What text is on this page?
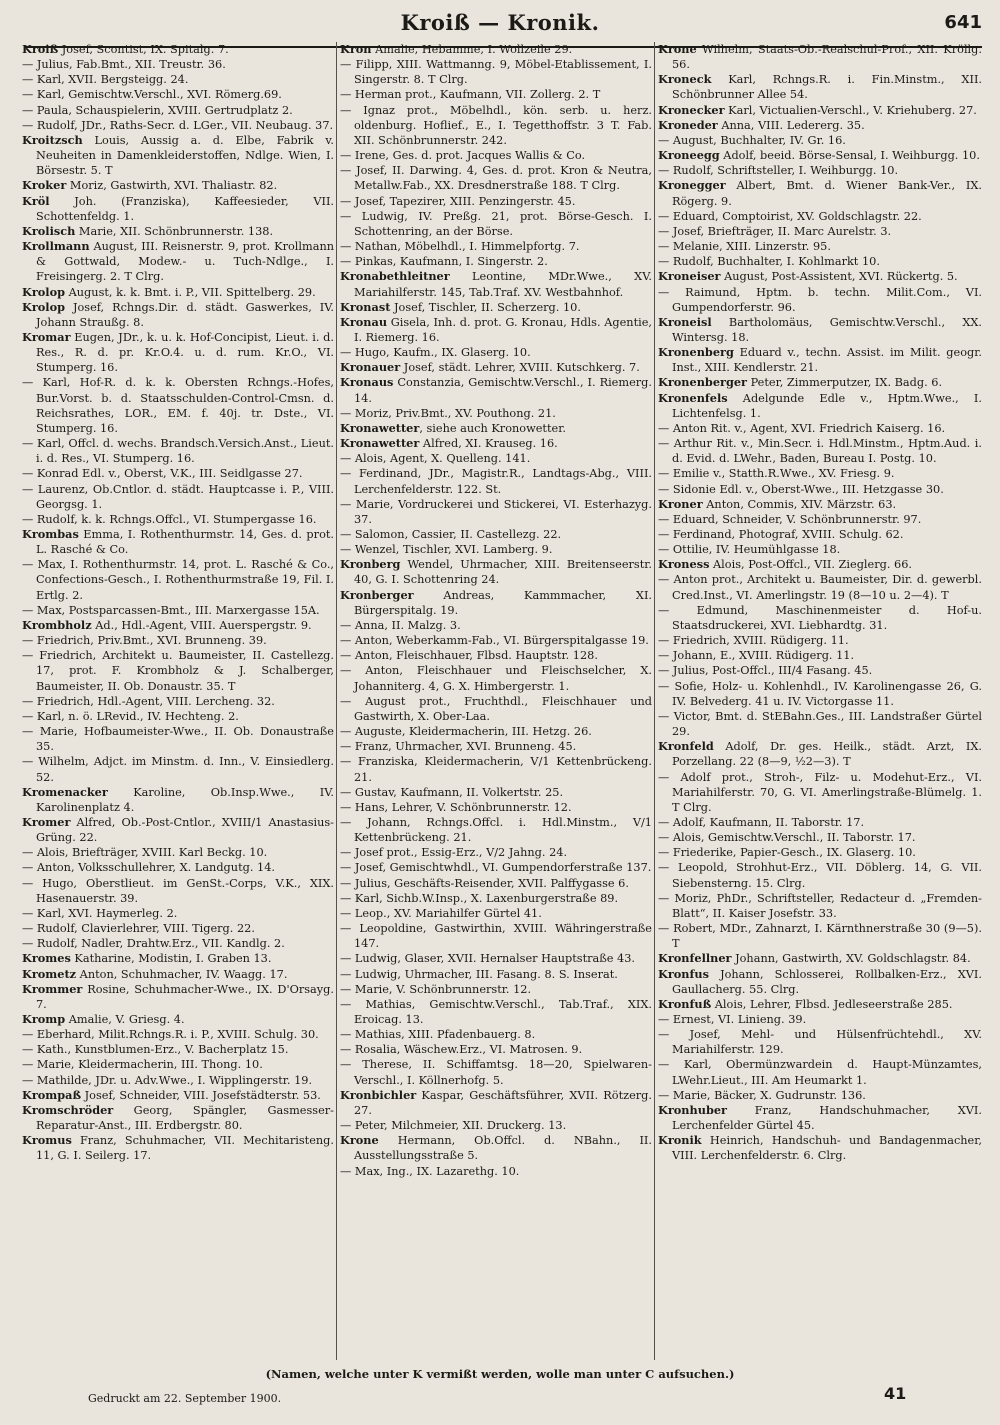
Kroiß — Kronik.	641
Kroiß Josef, Scontist, IX. Spitalg. 7.
— Julius, Fab.Bmt., XII. Treustr. 36.
— Karl, XVII. Bergsteigg. 24.
— Karl, Gemischtw.Verschl., XVI. Römerg.69.
— Paula, Schauspielerin, XVIII. Gertrudplatz 2.
— Rudolf, JDr., Raths-Secr. d. LGer., VII. Neubaug. 37.
Kroitzsch Louis, Aussig a. d. Elbe, Fabrik v. Neuheiten in Damenkleiderstoffen, Ndlge. Wien, I. Börsestr. 5. T
Kroker Moriz, Gastwirth, XVI. Thaliastr. 82.
Kröl Joh. (Franziska), Kaffeesieder, VII. Schottenfeldg. 1.
Krolisch Marie, XII. Schönbrunnerstr. 138.
Krollmann August, III. Reisnerstr. 9, prot. Krollmann & Gottwald, Modew.- u. Tuch-Ndlge., I. Freisingerg. 2. T Clrg.
Krolop August, k. k. Bmt. i. P., VII. Spittelberg. 29.
Krolop Josef, Rchngs.Dir. d. städt. Gaswerkes, IV. Johann Straußg. 8.
Kromar Eugen, JDr., k. u. k. Hof-Concipist, Lieut. i. d. Res., R. d. pr. Kr.O.4. u. d. rum. Kr.O., VI. Stumperg. 16.
— Karl, Hof-R. d. k. k. Obersten Rchngs.-Hofes, Bur.Vorst. b. d. Staatsschulden-Control-Cmsn. d. Reichsrathes, LOR., EM. f. 40j. tr. Dste., VI. Stumperg. 16.
— Karl, Offcl. d. wechs. Brandsch.Versich.Anst., Lieut. i. d. Res., VI. Stumperg. 16.
— Konrad Edl. v., Oberst, V.K., III. Seidlgasse 27.
— Laurenz, Ob.Cntlor. d. städt. Hauptcasse i. P., VIII. Georgsg. 1.
— Rudolf, k. k. Rchngs.Offcl., VI. Stumpergasse 16.
Krombas Emma, I. Rothenthurmstr. 14, Ges. d. prot. L. Rasché & Co.
— Max, I. Rothenthurmstr. 14, prot. L. Rasché & Co., Confections-Gesch., I. Rothenthurmstraße 19, Fil. I. Ertlg. 2.
— Max, Postsparcassen-Bmt., III. Marxergasse 15A.
Krombholz Ad., Hdl.-Agent, VIII. Auerspergstr. 9.
— Friedrich, Priv.Bmt., XVI. Brunneng. 39.
— Friedrich, Architekt u. Baumeister, II. Castellezg. 17, prot. F. Krombholz & J. Schalberger, Baumeister, II. Ob. Donaustr. 35. T
— Friedrich, Hdl.-Agent, VIII. Lercheng. 32.
— Karl, n. ö. LRevid., IV. Hechteng. 2.
— Marie, Hofbaumeister-Wwe., II. Ob. Donaustraße 35.
— Wilhelm, Adjct. im Minstm. d. Inn., V. Einsiedlerg. 52.
Kromenacker Karoline, Ob.Insp.Wwe., IV. Karolinenplatz 4.
Kromer Alfred, Ob.-Post-Cntlor., XVIII/1 Anastasius-Grüng. 22.
— Alois, Briefträger, XVIII. Karl Beckg. 10.
— Anton, Volksschullehrer, X. Landgutg. 14.
— Hugo, Oberstlieut. im GenSt.-Corps, V.K., XIX. Hasenauerstr. 39.
— Karl, XVI. Haymerleg. 2.
— Rudolf, Clavierlehrer, VIII. Tigerg. 22.
— Rudolf, Nadler, Drahtw.Erz., VII. Kandlg. 2.
Kromes Katharine, Modistin, I. Graben 13.
Krometz Anton, Schuhmacher, IV. Waagg. 17.
Krommer Rosine, Schuhmacher-Wwe., IX. D'Orsayg. 7.
Kromp Amalie, V. Griesg. 4.
— Eberhard, Milit.Rchngs.R. i. P., XVIII. Schulg. 30.
— Kath., Kunstblumen-Erz., V. Bacherplatz 15.
— Marie, Kleidermacherin, III. Thong. 10.
— Mathilde, JDr. u. Adv.Wwe., I. Wipplingerstr. 19.
Krompaß Josef, Schneider, VIII. Josefstädterstr. 53.
Kromschröder Georg, Spängler, Gasmesser-Reparatur-Anst., III. Erdbergstr. 80.
Kromus Franz, Schuhmacher, VII. Mechitaristeng. 11, G. I. Seilerg. 17.
Kron Amalie, Hebamme, I. Wollzeile 29.
— Filipp, XIII. Wattmanng. 9, Möbel-Etablissement, I. Singerstr. 8. T Clrg.
— Herman prot., Kaufmann, VII. Zollerg. 2. T
— Ignaz prot., Möbelhdl., kön. serb. u. herz. oldenburg. Hoflief., E., I. Tegetthoffstr. 3 T. Fab. XII. Schönbrunnerstr. 242.
— Irene, Ges. d. prot. Jacques Wallis & Co.
— Josef, II. Darwing. 4, Ges. d. prot. Kron & Neutra, Metallw.Fab., XX. Dresdnerstraße 188. T Clrg.
— Josef, Tapezirer, XIII. Penzingerstr. 45.
— Ludwig, IV. Preßg. 21, prot. Börse-Gesch. I. Schottenring, an der Börse.
— Nathan, Möbelhdl., I. Himmelpfortg. 7.
— Pinkas, Kaufmann, I. Singerstr. 2.
Kronabethleitner Leontine, MDr.Wwe., XV. Mariahilferstr. 145, Tab.Traf. XV. Westbahnhof.
Kronast Josef, Tischler, II. Scherzerg. 10.
Kronau Gisela, Inh. d. prot. G. Kronau, Hdls. Agentie, I. Riemerg. 16.
— Hugo, Kaufm., IX. Glaserg. 10.
Kronauer Josef, städt. Lehrer, XVIII. Kutschkerg. 7.
Kronaus Constanzia, Gemischtw.Verschl., I. Riemerg. 14.
— Moriz, Priv.Bmt., XV. Pouthong. 21.
Kronawetter, siehe auch Kronowetter.
Kronawetter Alfred, XI. Krauseg. 16.
— Alois, Agent, X. Quelleng. 141.
— Ferdinand, JDr., Magistr.R., Landtags-Abg., VIII. Lerchenfelderstr. 122. St.
— Marie, Vordruckerei und Stickerei, VI. Esterhazyg. 37.
— Salomon, Cassier, II. Castellezg. 22.
— Wenzel, Tischler, XVI. Lamberg. 9.
Kronberg Wendel, Uhrmacher, XIII. Breitenseerstr. 40, G. I. Schottenring 24.
Kronberger Andreas, Kammmacher, XI. Bürgerspitalg. 19.
— Anna, II. Malzg. 3.
— Anton, Weberkamm-Fab., VI. Bürgerspitalgasse 19.
— Anton, Fleischhauer, Flbsd. Hauptstr. 128.
— Anton, Fleischhauer und Fleischselcher, X. Johanniterg. 4, G. X. Himbergerstr. 1.
— August prot., Fruchthdl., Fleischhauer und Gastwirth, X. Ober-Laa.
— Auguste, Kleidermacherin, III. Hetzg. 26.
— Franz, Uhrmacher, XVI. Brunneng. 45.
— Franziska, Kleidermacherin, V/1 Kettenbrückeng. 21.
— Gustav, Kaufmann, II. Volkertstr. 25.
— Hans, Lehrer, V. Schönbrunnerstr. 12.
— Johann, Rchngs.Offcl. i. Hdl.Minstm., V/1 Kettenbrückeng. 21.
— Josef prot., Essig-Erz., V/2 Jahng. 24.
— Josef, Gemischtwhdl., VI. Gumpendorferstraße 137.
— Julius, Geschäfts-Reisender, XVII. Palffygasse 6.
— Karl, Sichb.W.Insp., X. Laxenburgerstraße 89.
— Leop., XV. Mariahilfer Gürtel 41.
— Leopoldine, Gastwirthin, XVIII. Währingerstraße 147.
— Ludwig, Glaser, XVII. Hernalser Hauptstraße 43.
— Ludwig, Uhrmacher, III. Fasang. 8. S. Inserat.
— Marie, V. Schönbrunnerstr. 12.
— Mathias, Gemischtw.Verschl., Tab.Traf., XIX. Eroicag. 13.
— Mathias, XIII. Pfadenbauerg. 8.
— Rosalia, Wäschew.Erz., VI. Matrosen. 9.
— Therese, II. Schiffamtsg. 18—20, Spielwaren-Verschl., I. Köllnerhofg. 5.
Kronbichler Kaspar, Geschäftsführer, XVII. Rötzerg. 27.
— Peter, Milchmeier, XII. Druckerg. 13.
Krone Hermann, Ob.Offcl. d. NBahn., II. Ausstellungsstraße 5.
— Max, Ing., IX. Lazarethg. 10.
Krone Wilhelm, Staats-Ob.-Realschul-Prof., XII. Kröllg. 56.
Kroneck Karl, Rchngs.R. i. Fin.Minstm., XII. Schönbrunner Allee 54.
Kronecker Karl, Victualien-Verschl., V. Kriehuberg. 27.
Kroneder Anna, VIII. Ledererg. 35.
— August, Buchhalter, IV. Gr. 16.
Kroneegg Adolf, beeid. Börse-Sensal, I. Weihburgg. 10.
— Rudolf, Schriftsteller, I. Weihburgg. 10.
Kronegger Albert, Bmt. d. Wiener Bank-Ver., IX. Rögerg. 9.
— Eduard, Comptoirist, XV. Goldschlagstr. 22.
— Josef, Briefträger, II. Marc Aurelstr. 3.
— Melanie, XIII. Linzerstr. 95.
— Rudolf, Buchhalter, I. Kohlmarkt 10.
Kroneiser August, Post-Assistent, XVI. Rückertg. 5.
— Raimund, Hptm. b. techn. Milit.Com., VI. Gumpendorferstr. 96.
Kroneisl Bartholomäus, Gemischtw.Verschl., XX. Wintersg. 18.
Kronenberg Eduard v., techn. Assist. im Milit. geogr. Inst., XIII. Kendlerstr. 21.
Kronenberger Peter, Zimmerputzer, IX. Badg. 6.
Kronenfels Adelgunde Edle v., Hptm.Wwe., I. Lichtenfelsg. 1.
— Anton Rit. v., Agent, XVI. Friedrich Kaiserg. 16.
— Arthur Rit. v., Min.Secr. i. Hdl.Minstm., Hptm.Aud. i. d. Evid. d. LWehr., Baden, Bureau I. Postg. 10.
— Emilie v., Statth.R.Wwe., XV. Friesg. 9.
— Sidonie Edl. v., Oberst-Wwe., III. Hetzgasse 30.
Kroner Anton, Commis, XIV. Märzstr. 63.
— Eduard, Schneider, V. Schönbrunnerstr. 97.
— Ferdinand, Photograf, XVIII. Schulg. 62.
— Ottilie, IV. Heumühlgasse 18.
Kroness Alois, Post-Offcl., VII. Zieglerg. 66.
— Anton prot., Architekt u. Baumeister, Dir. d. gewerbl. Cred.Inst., VI. Amerlingstr. 19 (8—10 u. 2—4). T
— Edmund, Maschinenmeister d. Hof-u. Staatsdruckerei, XVI. Liebhardtg. 31.
— Friedrich, XVIII. Rüdigerg. 11.
— Johann, E., XVIII. Rüdigerg. 11.
— Julius, Post-Offcl., III/4 Fasang. 45.
— Sofie, Holz- u. Kohlenhdl., IV. Karolinengasse 26, G. IV. Belvederg. 41 u. IV. Victorgasse 11.
— Victor, Bmt. d. StEBahn.Ges., III. Landstraßer Gürtel 29.
Kronfeld Adolf, Dr. ges. Heilk., städt. Arzt, IX. Porzellang. 22 (8—9, ½2—3). T
— Adolf prot., Stroh-, Filz- u. Modehut-Erz., VI. Mariahilferstr. 70, G. VI. Amerlingstraße-Blümelg. 1. T Clrg.
— Adolf, Kaufmann, II. Taborstr. 17.
— Alois, Gemischtw.Verschl., II. Taborstr. 17.
— Friederike, Papier-Gesch., IX. Glaserg. 10.
— Leopold, Strohhut-Erz., VII. Döblerg. 14, G. VII. Siebensterng. 15. Clrg.
— Moriz, PhDr., Schriftsteller, Redacteur d. „Fremden-Blatt“, II. Kaiser Josefstr. 33.
— Robert, MDr., Zahnarzt, I. Kärnthnerstraße 30 (9—5). T
Kronfellner Johann, Gastwirth, XV. Goldschlagstr. 84.
Kronfus Johann, Schlosserei, Rollbalken-Erz., XVI. Gaullacherg. 55. Clrg.
Kronfuß Alois, Lehrer, Flbsd. Jedleseerstraße 285.
— Ernest, VI. Linieng. 39.
— Josef, Mehl- und Hülsenfrüchtehdl., XV. Mariahilferstr. 129.
— Karl, Obermünzwardein d. Haupt-Münzamtes, LWehr.Lieut., III. Am Heumarkt 1.
— Marie, Bäcker, X. Gudrunstr. 136.
Kronhuber Franz, Handschuhmacher, XVI. Lerchenfelder Gürtel 45.
Kronik Heinrich, Handschuh- und Bandagenmacher, VIII. Lerchenfelderstr. 6. Clrg.
(Namen, welche unter K vermißt werden, wolle man unter C aufsuchen.)
Gedruckt am 22. September 1900.	41
